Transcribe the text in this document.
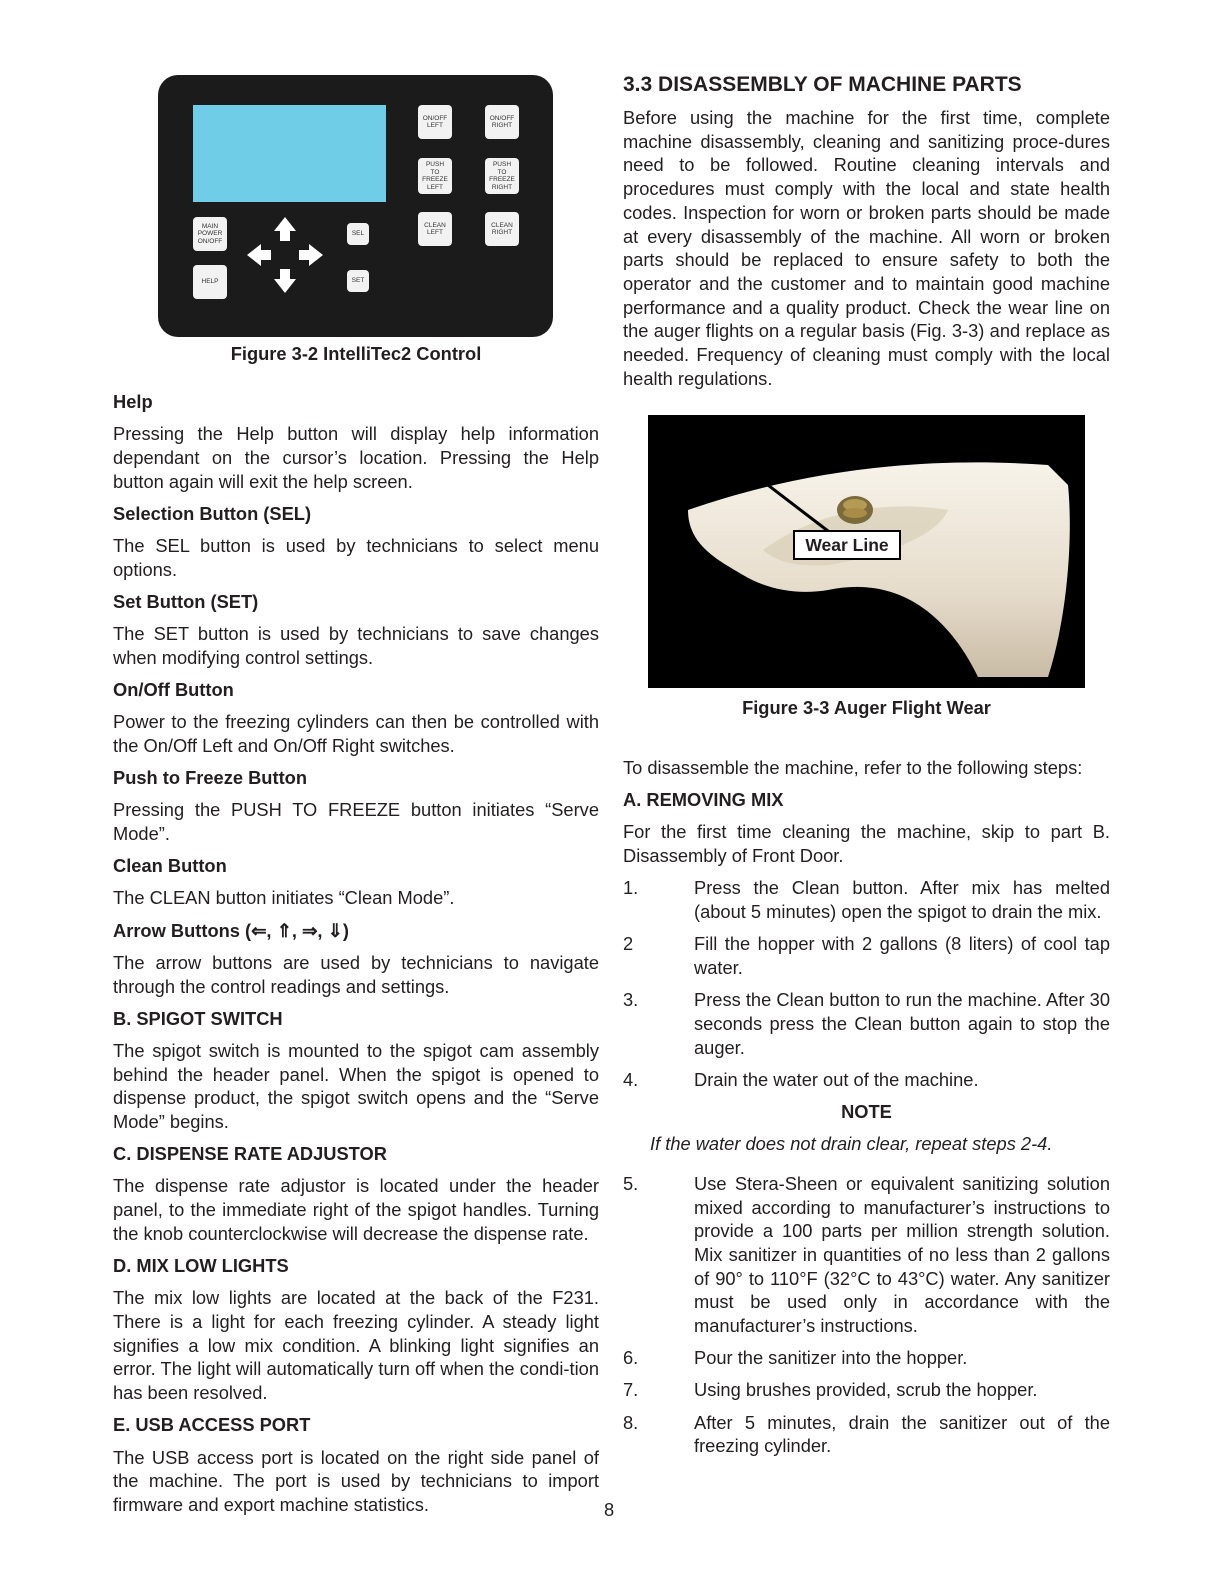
ON/OFF
LEFT
ON/OFF
RIGHT
PUSH
TO
FREEZE
LEFT
PUSH
TO
FREEZE
RIGHT
CLEAN
LEFT
CLEAN
RIGHT
MAIN
POWER
ON/OFF
HELP
SEL
SET
Figure 3-2 IntelliTec2 Control
Help

Pressing the Help button will display help information dependant on the cursor’s location. Pressing the Help button again will exit the help screen.

Selection Button (SEL)

The SEL button is used by technicians to select menu options.

Set Button (SET)

The SET button is used by technicians to save changes when modifying control settings.

On/Off Button

Power to the freezing cylinders can then be controlled with the On/Off Left and On/Off Right switches.

Push to Freeze Button

Pressing the PUSH TO FREEZE button initiates “Serve Mode”.

Clean Button

The CLEAN button initiates “Clean Mode”.

Arrow Buttons (⇐, ⇑, ⇒, ⇓)

The arrow buttons are used by technicians to navigate through the control readings and settings.

B. SPIGOT SWITCH

The spigot switch is mounted to the spigot cam assembly behind the header panel. When the spigot is opened to dispense product, the spigot switch opens and the “Serve Mode” begins.

C. DISPENSE RATE ADJUSTOR

The dispense rate adjustor is located under the header panel, to the immediate right of the spigot handles. Turning the knob counterclockwise will decrease the dispense rate.

D. MIX LOW LIGHTS

The mix low lights are located at the back of the F231. There is a light for each freezing cylinder. A steady light signifies a low mix condition. A blinking light signifies an error. The light will automatically turn off when the condi-tion has been resolved.

E. USB ACCESS PORT

The USB access port is located on the right side panel of the machine. The port is used by technicians to import firmware and export machine statistics.

3.3 DISASSEMBLY OF MACHINE PARTS

Before using the machine for the first time, complete machine disassembly, cleaning and sanitizing proce-dures need to be followed. Routine cleaning intervals and procedures must comply with the local and state health codes. Inspection for worn or broken parts should be made at every disassembly of the machine. All worn or broken parts should be replaced to ensure safety to both the operator and the customer and to maintain good machine performance and a quality product. Check the wear line on the auger flights on a regular basis (Fig. 3-3) and replace as needed. Frequency of cleaning must comply with the local health regulations.

Wear Line
Figure 3-3 Auger Flight Wear

To disassemble the machine, refer to the following steps:

A. REMOVING MIX

For the first time cleaning the machine, skip to part B. Disassembly of Front Door.

1.	Press the Clean button. After mix has melted (about 5 minutes) open the spigot to drain the mix.
2	Fill the hopper with 2 gallons (8 liters) of cool tap water.
3.	Press the Clean button to run the machine. After 30 seconds press the Clean button again to stop the auger.
4.	Drain the water out of the machine.
NOTE
If the water does not drain clear, repeat steps 2-4.
5.	Use Stera-Sheen or equivalent sanitizing solution mixed according to manufacturer’s instructions to provide a 100 parts per million strength solution. Mix sanitizer in quantities of no less than 2 gallons of 90° to 110°F (32°C to 43°C) water. Any sanitizer must be used only in accordance with the manufacturer’s instructions.
6.	Pour the sanitizer into the hopper.
7.	Using brushes provided, scrub the hopper.
8.	After 5 minutes, drain the sanitizer out of the freezing cylinder.
8
